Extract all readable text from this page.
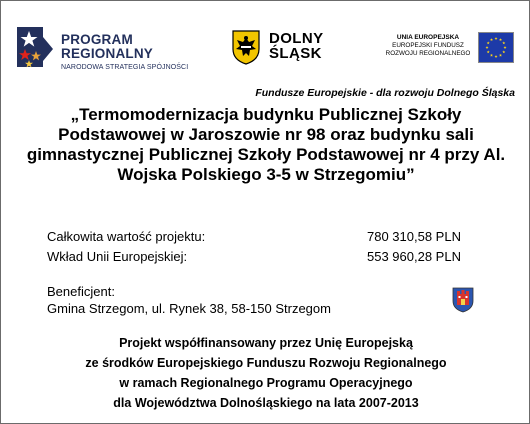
PROGRAM
REGIONALNY
NARODOWA STRATEGIA SPÓJNOŚCI
DOLNY
ŚLĄSK
UNIA EUROPEJSKA
EUROPEJSKI FUNDUSZ
ROZWOJU REGIONALNEGO
Fundusze Europejskie - dla rozwoju Dolnego Śląska
„Termomodernizacja budynku Publicznej Szkoły Podstawowej w Jaroszowie nr 98 oraz budynku sali gimnastycznej Publicznej Szkoły Podstawowej nr 4 przy Al. Wojska Polskiego 3-5 w Strzegomiu”
Całkowita wartość projektu:	780 310,58 PLN
Wkład Unii Europejskiej:	553 960,28 PLN
Beneficjent:
Gmina Strzegom, ul. Rynek 38, 58-150 Strzegom
Projekt współfinansowany przez Unię Europejską
ze środków Europejskiego Funduszu Rozwoju Regionalnego
w ramach Regionalnego Programu Operacyjnego
dla Województwa Dolnośląskiego na lata 2007-2013
